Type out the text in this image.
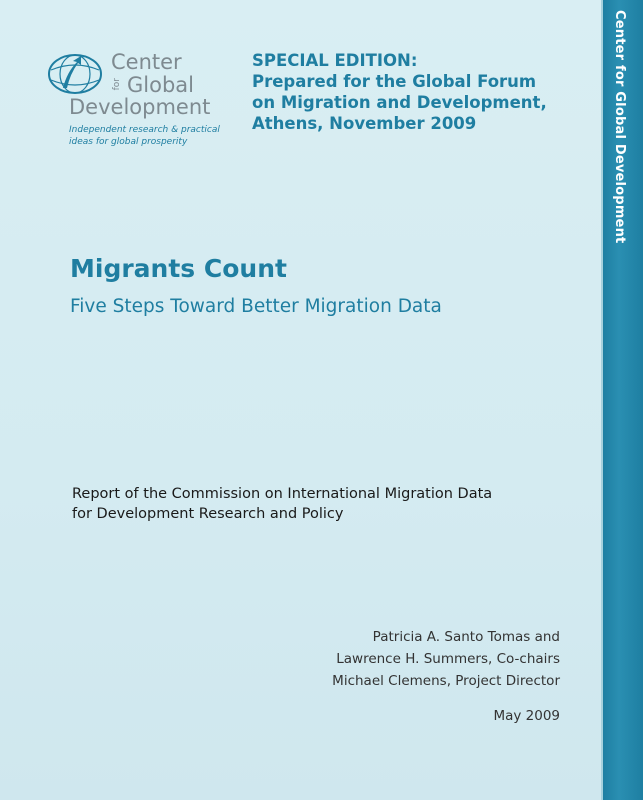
Center
for Global
Development
Independent research & practical
ideas for global prosperity
SPECIAL EDITION:
Prepared for the Global Forum
on Migration and Development,
Athens, November 2009
Migrants Count
Five Steps Toward Better Migration Data
Report of the Commission on International Migration Data
for Development Research and Policy
Patricia A. Santo Tomas and
Lawrence H. Summers, Co-chairs
Michael Clemens, Project Director
May 2009
Center for Global Development
